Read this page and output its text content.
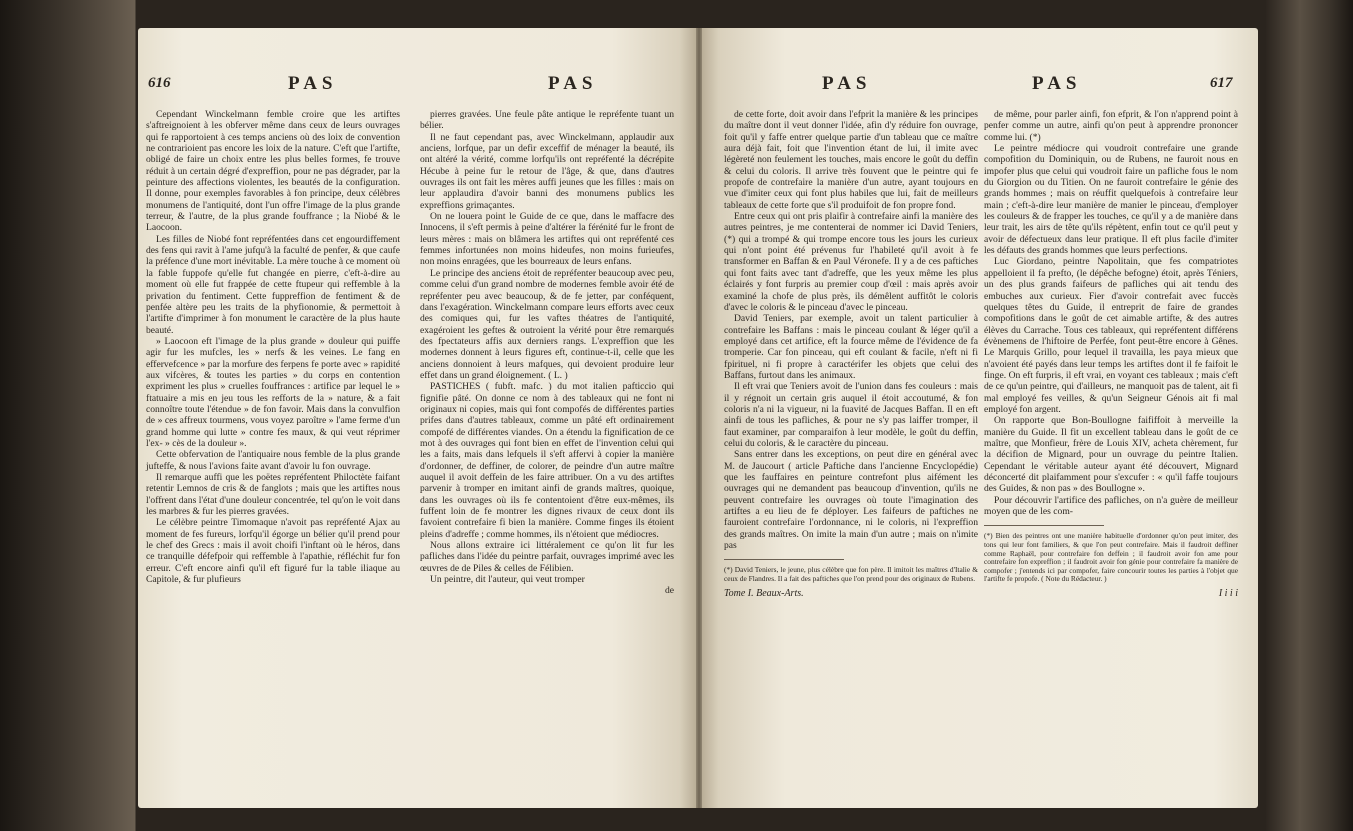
616	PAS	PAS

Cependant Winckelmann femble croire que les artiftes s'aftreignoient à les obferver même dans ceux de leurs ouvrages qui fe rapportoient à ces temps anciens où des loix de convention ne contrarioient pas encore les loix de la nature. C'eft que l'artifte, obligé de faire un choix entre les plus belles formes, fe trouve réduit à un certain dégré d'expreffion, pour ne pas dégrader, par la peinture des affections violentes, les beautés de la configuration. Il donne, pour exemples favorables à fon principe, deux célèbres monumens de l'antiquité, dont l'un offre l'image de la plus grande terreur, & l'autre, de la plus grande fouffrance ; la Niobé & le Laocoon.

Les filles de Niobé font repréfentées dans cet engourdiffement des fens qui ravit à l'ame jufqu'à la faculté de penfer, & que caufe la préfence d'une mort inévitable. La mère touche à ce moment où la fable fuppofe qu'elle fut changée en pierre, c'eft-à-dire au moment où elle fut frappée de cette ftupeur qui reffemble à la privation du fentiment. Cette fuppreffion de fentiment & de penfée altère peu les traits de la phyfionomie, & permettoit à l'artifte d'imprimer à fon monument le caractère de la plus haute beauté.

» Laocoon eft l'image de la plus grande » douleur qui puiffe agir fur les mufcles, les » nerfs & les veines. Le fang en effervefcence » par la morfure des ferpens fe porte avec » rapidité aux vifcères, & toutes les parties » du corps en contention expriment les plus » cruelles fouffrances : artifice par lequel le » ftatuaire a mis en jeu tous les refforts de la » nature, & a fait connoître toute l'étendue » de fon favoir. Mais dans la convulfion de » ces affreux tourmens, vous voyez paroître » l'ame ferme d'un grand homme qui lutte » contre fes maux, & qui veut réprimer l'ex- » cès de la douleur ».

Cette obfervation de l'antiquaire nous femble de la plus grande jufteffe, & nous l'avions faite avant d'avoir lu fon ouvrage.

Il remarque auffi que les poëtes repréfentent Philoctète faifant retentir Lemnos de cris & de fanglots ; mais que les artiftes nous l'offrent dans l'état d'une douleur concentrée, tel qu'on le voit dans les marbres & fur les pierres gravées.

Le célèbre peintre Timomaque n'avoit pas repréfenté Ajax au moment de fes fureurs, lorfqu'il égorge un bélier qu'il prend pour le chef des Grecs : mais il avoit choifi l'inftant où le héros, dans ce tranquille défefpoir qui reffemble à l'apathie, réfléchit fur fon erreur. C'eft encore ainfi qu'il eft figuré fur la table iliaque au Capitole, & fur plufieurs

pierres gravées. Une feule pâte antique le repréfente tuant un bélier.

Il ne faut cependant pas, avec Winckelmann, applaudir aux anciens, lorfque, par un defir exceffif de ménager la beauté, ils ont altéré la vérité, comme lorfqu'ils ont repréfenté la décrépite Hécube à peine fur le retour de l'âge, & que, dans d'autres ouvrages ils ont fait les mères auffi jeunes que les filles : mais on leur applaudira d'avoir banni des monumens publics les expreffions grimaçantes.

On ne louera point le Guide de ce que, dans le maffacre des Innocens, il s'eft permis à peine d'altérer la férénité fur le front de leurs mères : mais on blâmera les artiftes qui ont repréfenté ces femmes infortunées non moins hideufes, non moins furieufes, non moins enragées, que les bourreaux de leurs enfans.

Le principe des anciens étoit de repréfenter beaucoup avec peu, comme celui d'un grand nombre de modernes femble avoir été de repréfenter peu avec beaucoup, & de fe jetter, par conféquent, dans l'exagération. Winckelmann compare leurs efforts avec ceux des comiques qui, fur les vaftes théatres de l'antiquité, exagéroient les geftes & outroient la vérité pour être remarqués des fpectateurs affis aux derniers rangs. L'expreffion que les modernes donnent à leurs figures eft, continue-t-il, celle que les anciens donnoient à leurs mafques, qui devoient produire leur effet dans un grand éloignement. ( L. )

PASTICHES ( fubft. mafc. ) du mot italien pafticcio qui fignifie pâté. On donne ce nom à des tableaux qui ne font ni originaux ni copies, mais qui font compofés de différentes parties prifes dans d'autres tableaux, comme un pâté eft ordinairement compofé de différentes viandes. On a étendu la fignification de ce mot à des ouvrages qui font bien en effet de l'invention celui qui les a faits, mais dans lefquels il s'eft affervi à copier la manière d'ordonner, de deffiner, de colorer, de peindre d'un autre maître auquel il avoit deffein de les faire attribuer. On a vu des artiftes parvenir à tromper en imitant ainfi de grands maîtres, quoique, dans les ouvrages où ils fe contentoient d'être eux-mêmes, ils fuffent loin de fe montrer les dignes rivaux de ceux dont ils favoient contrefaire fi bien la manière. Comme finges ils étoient pleins d'adreffe ; comme hommes, ils n'étoient que médiocres.

Nous allons extraire ici littéralement ce qu'on lit fur les pafliches dans l'idée du peintre parfait, ouvrages imprimé avec les œuvres de de Piles & celles de Félibien.

Un peintre, dit l'auteur, qui veut tromper

de
PAS	PAS	617

de cette forte, doit avoir dans l'efprit la manière & les principes du maître dont il veut donner l'idée, afin d'y réduire fon ouvrage, foit qu'il y faffe entrer quelque partie d'un tableau que ce maître aura déjà fait, foit que l'invention étant de lui, il imite avec légèreté non feulement les touches, mais encore le goût du deffin & celui du coloris. Il arrive très fouvent que le peintre qui fe propofe de contrefaire la manière d'un autre, ayant toujours en vue d'imiter ceux qui font plus habiles que lui, fait de meilleurs tableaux de cette forte que s'il produifoit de fon propre fond.

Entre ceux qui ont pris plaifir à contrefaire ainfi la manière des autres peintres, je me contenterai de nommer ici David Teniers, (*) qui a trompé & qui trompe encore tous les jours les curieux qui n'ont point été prévenus fur l'habileté qu'il avoit à fe transformer en Baffan & en Paul Véronefe. Il y a de ces paftiches qui font faits avec tant d'adreffe, que les yeux même les plus éclairés y font furpris au premier coup d'œil : mais après avoir examiné la chofe de plus près, ils démêlent auffitôt le coloris d'avec le coloris & le pinceau d'avec le pinceau.

David Teniers, par exemple, avoit un talent particulier à contrefaire les Baffans : mais le pinceau coulant & léger qu'il a employé dans cet artifice, eft la fource même de l'évidence de fa tromperie. Car fon pinceau, qui eft coulant & facile, n'eft ni fi fpirituel, ni fi propre à caractérifer les objets que celui des Baffans, furtout dans les animaux.

Il eft vrai que Teniers avoit de l'union dans fes couleurs : mais il y régnoit un certain gris auquel il étoit accoutumé, & fon coloris n'a ni la vigueur, ni la fuavité de Jacques Baffan. Il en eft ainfi de tous les pafliches, & pour ne s'y pas laiffer tromper, il faut examiner, par comparaifon à leur modèle, le goût du deffin, celui du coloris, & le caractère du pinceau.

Sans entrer dans les exceptions, on peut dire en général avec M. de Jaucourt ( article Paftiche dans l'ancienne Encyclopédie) que les fauffaires en peinture contrefont plus aifément les ouvrages qui ne demandent pas beaucoup d'invention, qu'ils ne peuvent contrefaire les ouvrages où toute l'imagination des artiftes a eu lieu de fe déployer. Les faifeurs de paftiches ne fauroient contrefaire l'ordonnance, ni le coloris, ni l'expreffion des grands maîtres. On imite la main d'un autre ; mais on n'imite pas

(*) David Teniers, le jeune, plus célèbre que fon père. Il imitoit les maîtres d'Italie & ceux de Flandres. Il a fait des paftiches que l'on prend pour des originaux de Rubens.
Tome I. Beaux-Arts.

de même, pour parler ainfi, fon efprit, & l'on n'apprend point à penfer comme un autre, ainfi qu'on peut à apprendre prononcer comme lui. (*)

Le peintre médiocre qui voudroit contrefaire une grande compofition du Dominiquin, ou de Rubens, ne fauroit nous en impofer plus que celui qui voudroit faire un pafliche fous le nom du Giorgion ou du Titien. On ne fauroit contrefaire le génie des grands hommes ; mais on réuffit quelquefois à contrefaire leur main ; c'eft-à-dire leur manière de manier le pinceau, d'employer les couleurs & de frapper les touches, ce qu'il y a de manière dans leur trait, les airs de tête qu'ils répètent, enfin tout ce qu'il peut y avoir de défectueux dans leur pratique. Il eft plus facile d'imiter les défauts des grands hommes que leurs perfections.

Luc Giordano, peintre Napolitain, que fes compatriotes appelloient il fa prefto, (le dépêche befogne) étoit, après Téniers, un des plus grands faifeurs de pafliches qui ait tendu des embuches aux curieux. Fier d'avoir contrefait avec fuccès quelques têtes du Guide, il entreprit de faire de grandes compofitions dans le goût de cet aimable artifte, & des autres élèves du Carrache. Tous ces tableaux, qui repréfentent différens évènemens de l'hiftoire de Perfée, font peut-être encore à Gênes. Le Marquis Grillo, pour lequel il travailla, les paya mieux que n'avoient été payés dans leur temps les artiftes dont il fe faifoit le finge. On eft furpris, il eft vrai, en voyant ces tableaux ; mais c'eft de ce qu'un peintre, qui d'ailleurs, ne manquoit pas de talent, ait fi mal employé fes veilles, & qu'un Seigneur Génois ait fi mal employé fon argent.

On rapporte que Bon-Boullogne faififfoit à merveille la manière du Guide. Il fit un excellent tableau dans le goût de ce maître, que Monfieur, frère de Louis XIV, acheta chèrement, fur la décifion de Mignard, pour un ouvrage du peintre Italien. Cependant le véritable auteur ayant été découvert, Mignard déconcerté dit plaifamment pour s'excufer : « qu'il faffe toujours des Guides, & non pas » des Boullogne ».

Pour découvrir l'artifice des pafliches, on n'a guère de meilleur moyen que de les com-

(*) Bien des peintres ont une manière habituelle d'ordonner qu'on peut imiter, des tons qui leur font familiers, & que l'on peut contrefaire. Mais il faudroit deffiner comme Raphaël, pour contrefaire fon deffein ; il faudroit avoir fon ame pour contrefaire fon expreffion ; il faudroit avoir fon génie pour contrefaire fa manière de compofer ; j'entends ici par compofer, faire concourir toutes les parties à l'objet que l'artifte fe propofe. ( Note du Rédacteur. )
I i i i
